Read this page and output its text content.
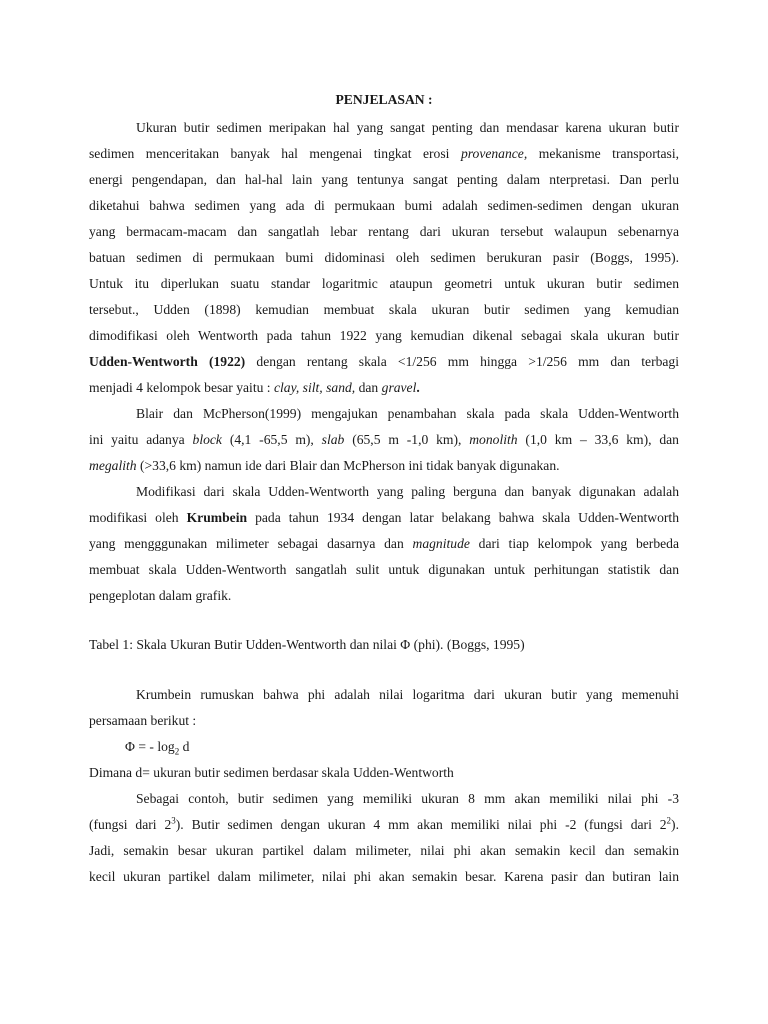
PENJELASAN :
Ukuran butir sedimen meripakan hal yang sangat penting dan mendasar karena ukuran butir
sedimen menceritakan banyak hal mengenai tingkat erosi provenance, mekanisme transportasi,
energi pengendapan, dan hal-hal lain yang tentunya sangat penting dalam nterpretasi. Dan perlu
diketahui bahwa sedimen yang ada di permukaan bumi adalah sedimen-sedimen dengan ukuran
yang bermacam-macam dan sangatlah lebar rentang dari ukuran tersebut walaupun sebenarnya
batuan sedimen di permukaan bumi didominasi oleh sedimen berukuran pasir (Boggs, 1995).
Untuk itu diperlukan suatu standar logaritmic ataupun geometri untuk ukuran butir sedimen
tersebut., Udden (1898) kemudian membuat skala ukuran butir sedimen yang kemudian
dimodifikasi oleh Wentworth pada tahun 1922 yang kemudian dikenal sebagai skala ukuran butir
Udden-Wentworth (1922) dengan rentang skala <1/256 mm hingga >1/256 mm dan terbagi
menjadi 4 kelompok besar yaitu : clay, silt, sand, dan gravel.
Blair dan McPherson(1999) mengajukan penambahan skala pada skala Udden-Wentworth
ini yaitu adanya block (4,1 -65,5 m), slab (65,5 m -1,0 km), monolith (1,0 km – 33,6 km), dan
megalith (>33,6 km) namun ide dari Blair dan McPherson ini tidak banyak digunakan.
Modifikasi dari skala Udden-Wentworth yang paling berguna dan banyak digunakan adalah
modifikasi oleh Krumbein pada tahun 1934 dengan latar belakang bahwa skala Udden-Wentworth
yang mengggunakan milimeter sebagai dasarnya dan magnitude dari tiap kelompok yang berbeda
membuat skala Udden-Wentworth sangatlah sulit untuk digunakan untuk perhitungan statistik dan
pengeplotan dalam grafik.
Tabel 1: Skala Ukuran Butir Udden-Wentworth dan nilai Φ (phi). (Boggs, 1995)
Krumbein rumuskan bahwa phi adalah nilai logaritma dari ukuran butir yang memenuhi
persamaan berikut :
Φ = - $\log_2 d$
Dimana d= ukuran butir sedimen berdasar skala Udden-Wentworth
Sebagai contoh, butir sedimen yang memiliki ukuran 8 mm akan memiliki nilai phi -3
(fungsi dari $2^3$). Butir sedimen dengan ukuran 4 mm akan memiliki nilai phi -2 (fungsi dari $2^2$).
Jadi, semakin besar ukuran partikel dalam milimeter, nilai phi akan semakin kecil dan semakin
kecil ukuran partikel dalam milimeter, nilai phi akan semakin besar. Karena pasir dan butiran lain
